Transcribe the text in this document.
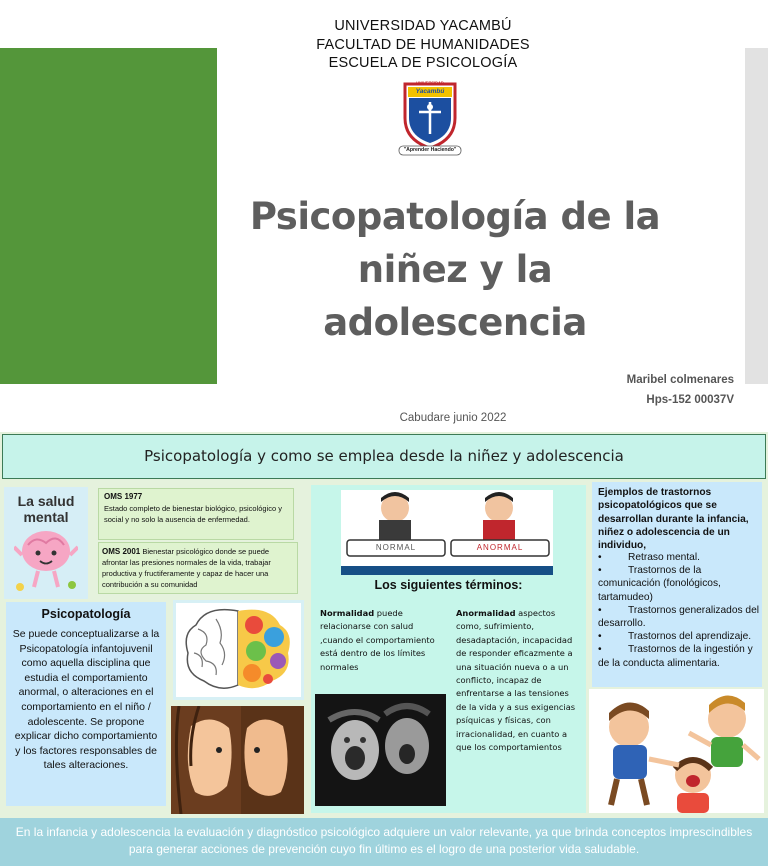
UNIVERSIDAD YACAMBÚ
FACULTAD DE HUMANIDADES
ESCUELA DE PSICOLOGÍA
UNIVERSIDAD
Yacambú
"Aprender Haciendo"
Psicopatología de la
niñez y la adolescencia
Maribel colmenares
Hps-152 00037V
Cabudare junio 2022
Psicopatología y como se emplea desde la niñez y adolescencia
La salud mental
OMS 1977
Estado completo de bienestar biológico, psicológico y social y no solo la ausencia de enfermedad.
OMS 2001 Bienestar psicológico donde se puede afrontar las presiones normales de la vida, trabajar productiva y fructiferamente y capaz de hacer una contribución a su comunidad
Psicopatología
Se puede conceptualizarse a la Psicopatología infantojuvenil como aquella disciplina que estudia el comportamiento anormal, o alteraciones en el comportamiento en el niño / adolescente. Se propone explicar dicho comportamiento y los factores responsables de tales alteraciones.
NORMAL	ANORMAL
Los siguientes términos:
Normalidad puede relacionarse con salud ,cuando el comportamiento está dentro de los límites normales
Anormalidad aspectos como, sufrimiento, desadaptación, incapacidad de responder eficazmente a una situación nueva o a un conflicto, incapaz de enfrentarse a las tensiones de la vida y a sus exigencias psíquicas y físicas, con irracionalidad, en cuanto a que los comportamientos
Ejemplos de trastornos psicopatológicos que se desarrollan durante la infancia, niñez o adolescencia de un individuo,
•	Retraso mental.
•	Trastornos de la comunicación (fonológicos, tartamudeo)
•	Trastornos generalizados del desarrollo.
•	Trastornos del aprendizaje.
•	Trastornos de la ingestión y de la conducta alimentaria.
En la infancia y adolescencia la evaluación y diagnóstico psicológico adquiere un valor relevante, ya que brinda conceptos imprescindibles para generar acciones de prevención cuyo fin último es el logro de una posterior vida saludable.
